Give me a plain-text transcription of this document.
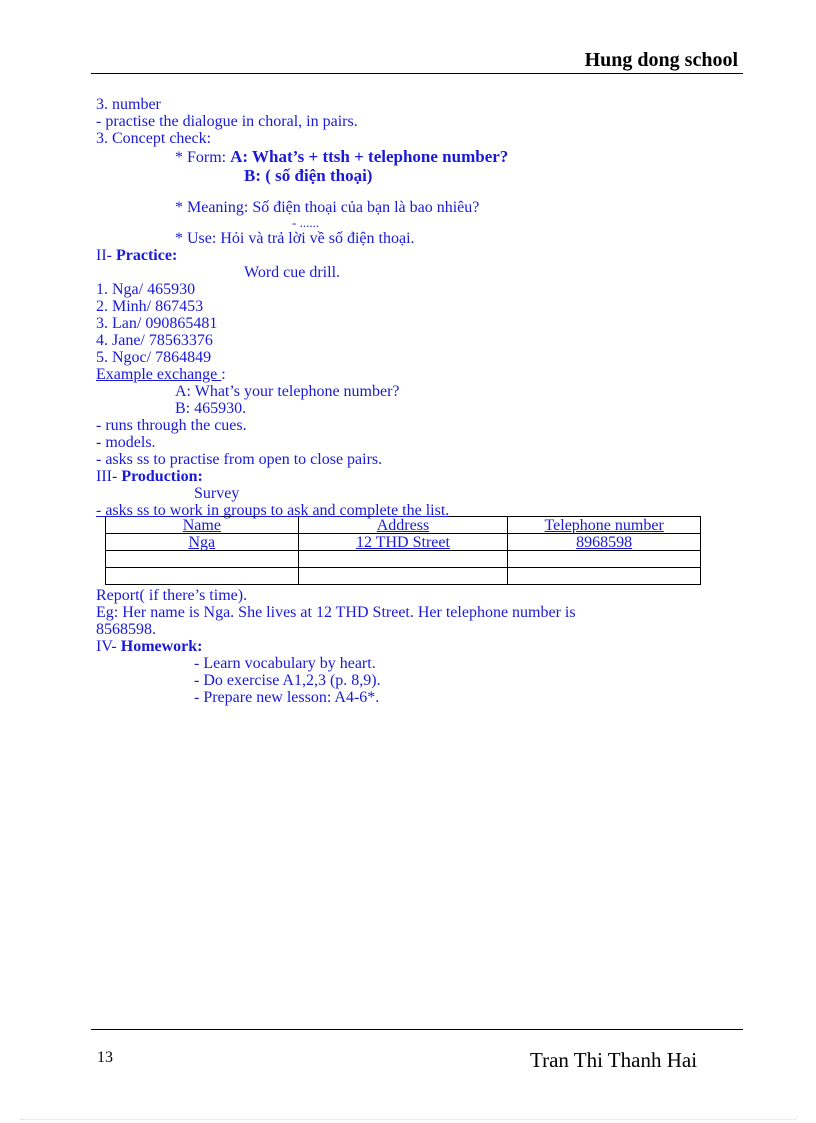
Hung dong school
3. number
- practise the dialogue in choral, in pairs.
3. Concept check:
* Form: A: What’s + ttsh + telephone number?
B: ( số điện thoại)
* Meaning: Số điện thoại của bạn là bao nhiêu?
- ......
* Use: Hỏi và trả lời về số điện thoại.
II- Practice:
Word cue drill.
1. Nga/ 465930
2. Minh/ 867453
3. Lan/ 090865481
4. Jane/ 78563376
5. Ngoc/ 7864849
Example exchange :
A: What’s your telephone number?
B: 465930.
- runs through the cues.
- models.
- asks ss to practise from open to close pairs.
III- Production:
Survey
- asks ss to work in groups to ask and complete the list.
Name	Address	Telephone number
Nga	12 THD Street	8968598

Report( if there’s time).
Eg: Her name is Nga. She lives at 12 THD Street. Her telephone number is
8568598.
IV- Homework:
- Learn vocabulary by heart.
- Do exercise A1,2,3 (p. 8,9).
- Prepare new lesson: A4-6*.
13	Tran Thi Thanh Hai
